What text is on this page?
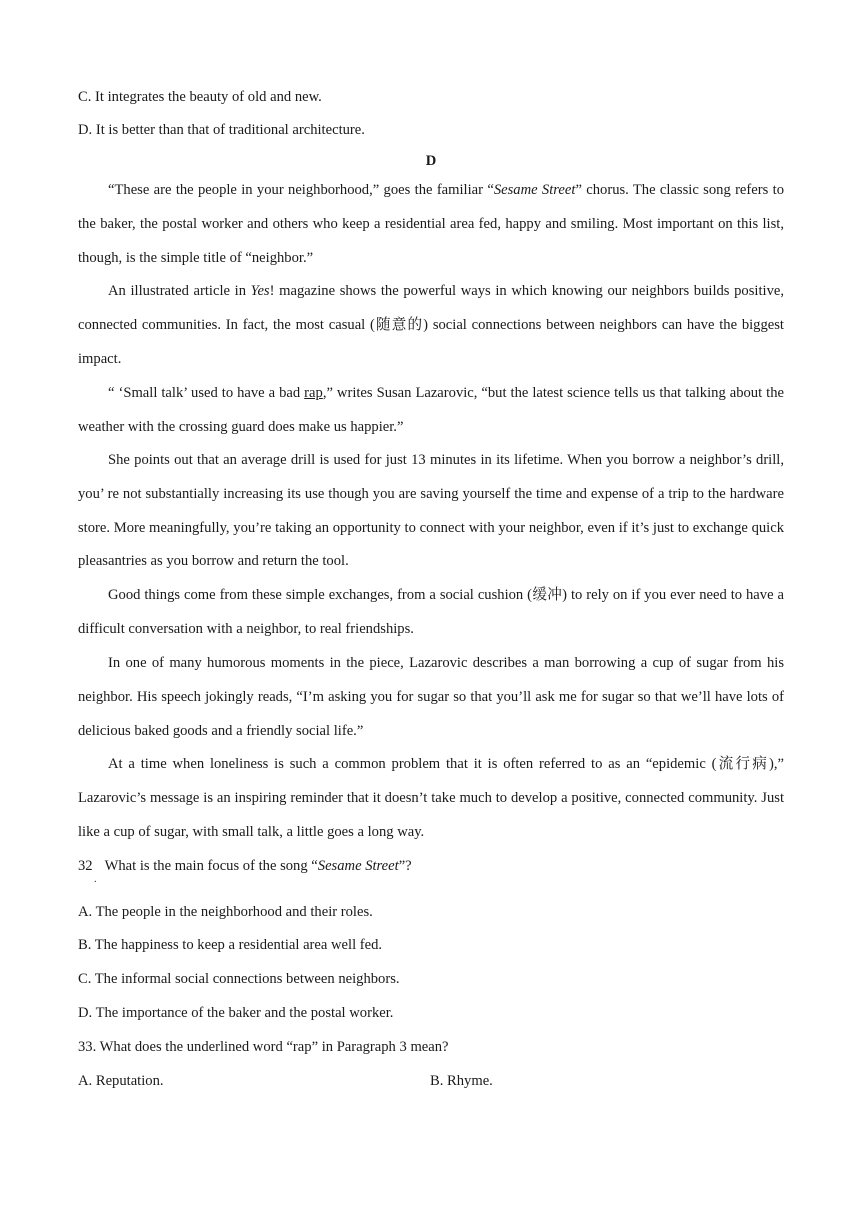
C. It integrates the beauty of old and new.
D. It is better than that of traditional architecture.
D
“These are the people in your neighborhood,” goes the familiar “Sesame Street” chorus. The classic song refers to the baker, the postal worker and others who keep a residential area fed, happy and smiling. Most important on this list, though, is the simple title of “neighbor.”
An illustrated article in Yes! magazine shows the powerful ways in which knowing our neighbors builds positive, connected communities. In fact, the most casual (随意的) social connections between neighbors can have the biggest impact.
“ ‘Small talk’ used to have a bad rap,” writes Susan Lazarovic, “but the latest science tells us that talking about the weather with the crossing guard does make us happier.”
She points out that an average drill is used for just 13 minutes in its lifetime. When you borrow a neighbor’s drill, you’ re not substantially increasing its use though you are saving yourself the time and expense of a trip to the hardware store. More meaningfully, you’re taking an opportunity to connect with your neighbor, even if it’s just to exchange quick pleasantries as you borrow and return the tool.
Good things come from these simple exchanges, from a social cushion (缓冲) to rely on if you ever need to have a difficult conversation with a neighbor, to real friendships.
In one of many humorous moments in the piece, Lazarovic describes a man borrowing a cup of sugar from his neighbor. His speech jokingly reads, “I’m asking you for sugar so that you’ll ask me for sugar so that we’ll have lots of delicious baked goods and a friendly social life.”
At a time when loneliness is such a common problem that it is often referred to as an “epidemic (流行病),” Lazarovic’s message is an inspiring reminder that it doesn’t take much to develop a positive, connected community. Just like a cup of sugar, with small talk, a little goes a long way.
32 What is the main focus of the song “Sesame Street”?
.
A. The people in the neighborhood and their roles.
B. The happiness to keep a residential area well fed.
C. The informal social connections between neighbors.
D. The importance of the baker and the postal worker.
33. What does the underlined word “rap” in Paragraph 3 mean?
A. Reputation.	B. Rhyme.
